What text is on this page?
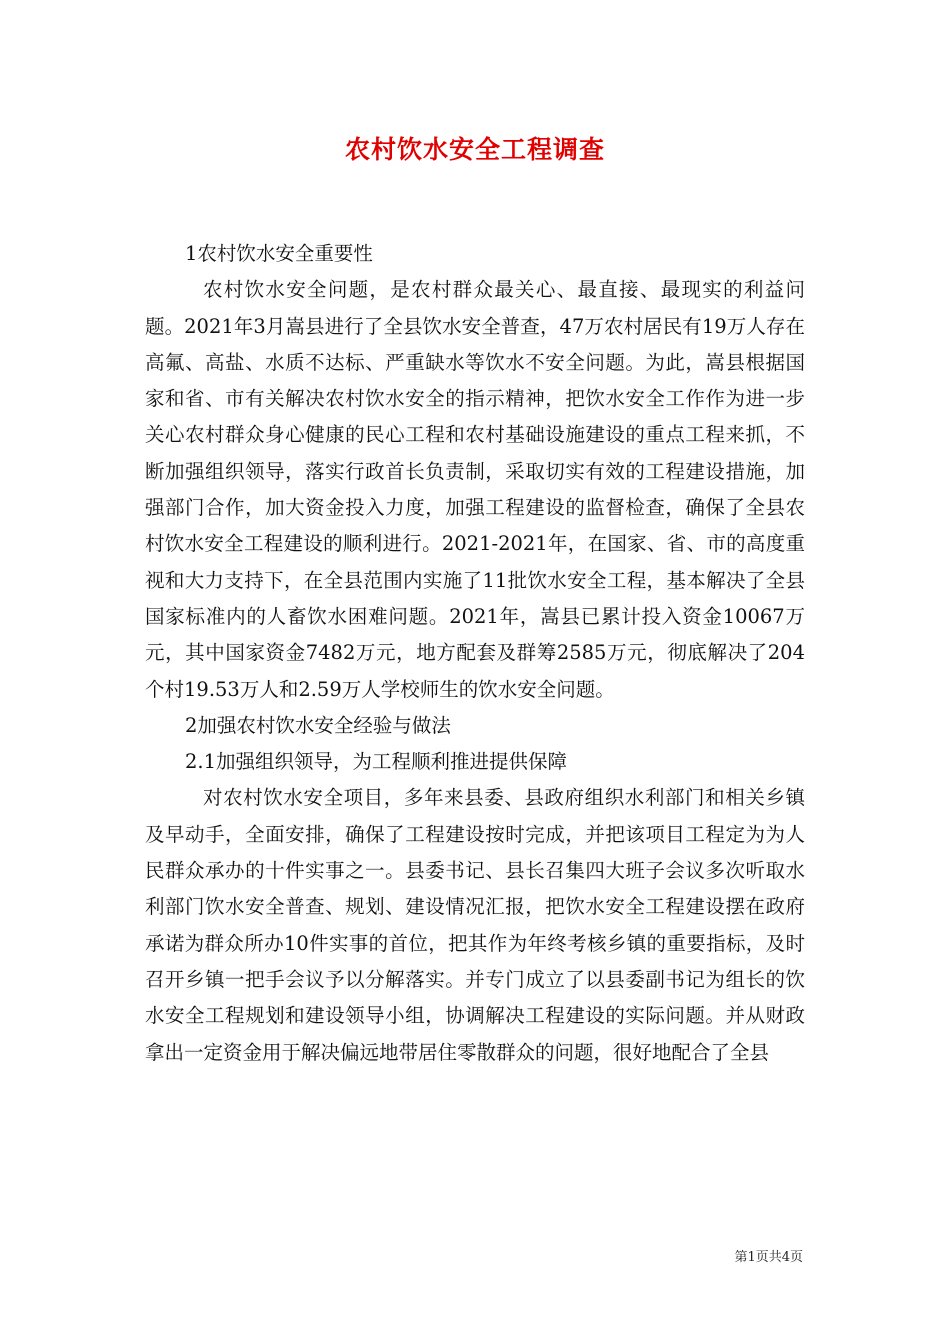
农村饮水安全工程调查

1农村饮水安全重要性

农村饮水安全问题，是农村群众最关心、最直接、最现实的利益问题。2021年3月嵩县进行了全县饮水安全普查，47万农村居民有19万人存在高氟、高盐、水质不达标、严重缺水等饮水不安全问题。为此，嵩县根据国家和省、市有关解决农村饮水安全的指示精神，把饮水安全工作作为进一步关心农村群众身心健康的民心工程和农村基础设施建设的重点工程来抓，不断加强组织领导，落实行政首长负责制，采取切实有效的工程建设措施，加强部门合作，加大资金投入力度，加强工程建设的监督检查，确保了全县农村饮水安全工程建设的顺利进行。2021-2021年，在国家、省、市的高度重视和大力支持下，在全县范围内实施了11批饮水安全工程，基本解决了全县国家标准内的人畜饮水困难问题。2021年，嵩县已累计投入资金10067万元，其中国家资金7482万元，地方配套及群筹2585万元，彻底解决了204个村19.53万人和2.59万人学校师生的饮水安全问题。

2加强农村饮水安全经验与做法

2.1加强组织领导，为工程顺利推进提供保障

对农村饮水安全项目，多年来县委、县政府组织水利部门和相关乡镇及早动手，全面安排，确保了工程建设按时完成，并把该项目工程定为为人民群众承办的十件实事之一。县委书记、县长召集四大班子会议多次听取水利部门饮水安全普查、规划、建设情况汇报，把饮水安全工程建设摆在政府承诺为群众所办10件实事的首位，把其作为年终考核乡镇的重要指标，及时召开乡镇一把手会议予以分解落实。并专门成立了以县委副书记为组长的饮水安全工程规划和建设领导小组，协调解决工程建设的实际问题。并从财政拿出一定资金用于解决偏远地带居住零散群众的问题，很好地配合了全县

第1页共4页
